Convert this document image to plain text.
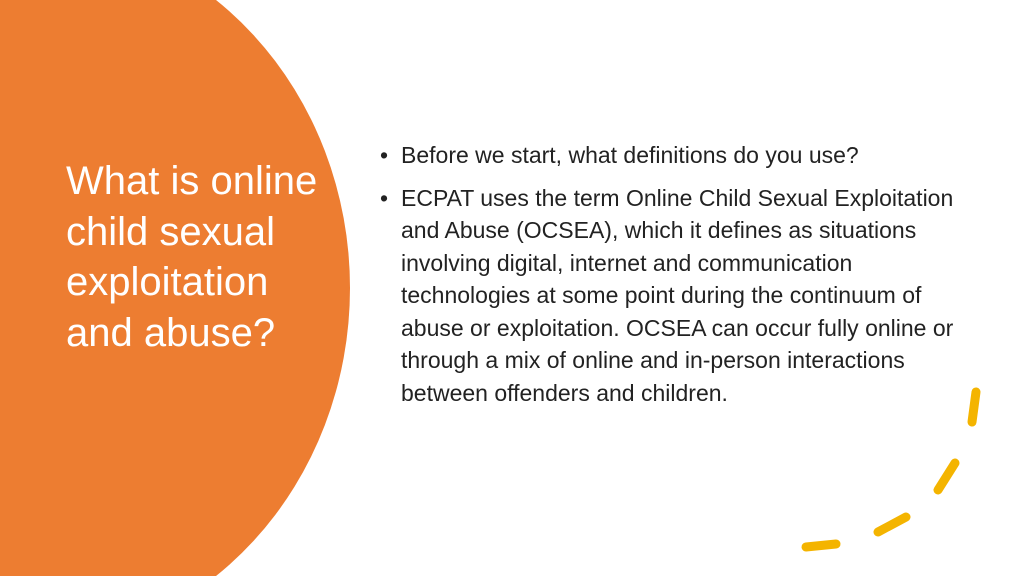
What is online child sexual exploitation and abuse?
• Before we start, what definitions do you use?
• ECPAT uses the term Online Child Sexual Exploitation and Abuse (OCSEA), which it defines as situations involving digital, internet and communication technologies at some point during the continuum of abuse or exploitation. OCSEA can occur fully online or through a mix of online and in-person interactions between offenders and children.
